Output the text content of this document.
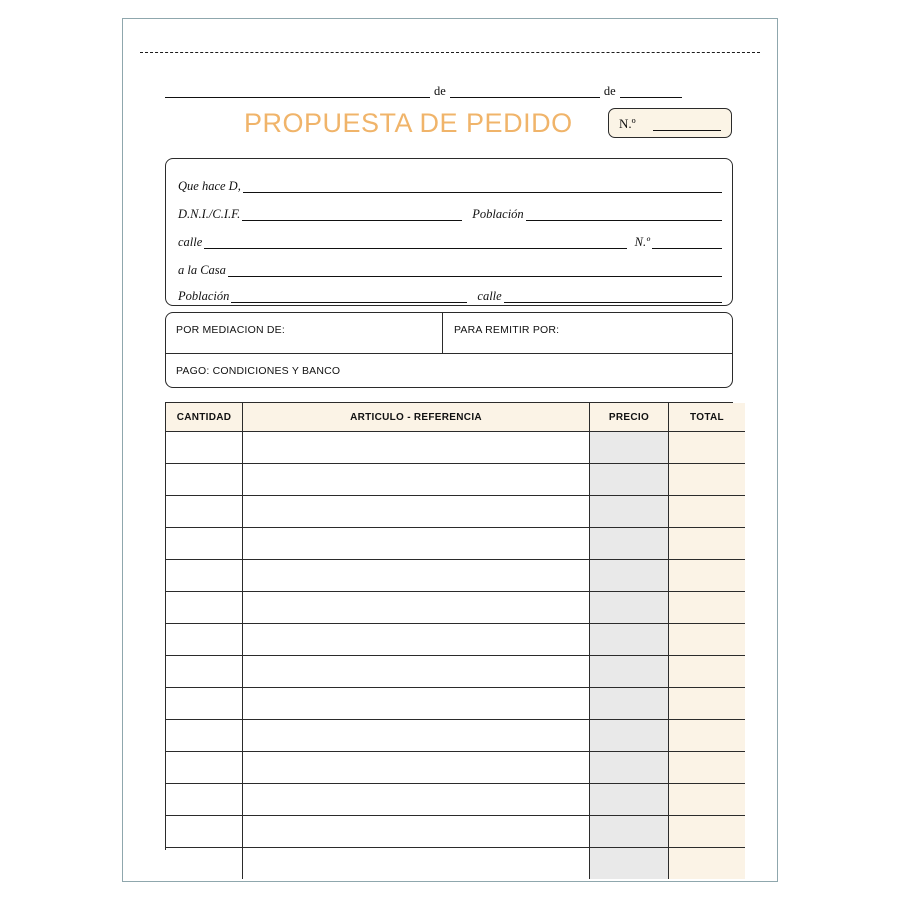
de	de
PROPUESTA DE PEDIDO	N.º
Que hace D,
D.N.I./C.I.F.	Población
calle	N.º
a la Casa
Población	calle
POR MEDIACION DE:	PARA REMITIR POR:
PAGO: CONDICIONES Y BANCO
CANTIDAD	ARTICULO - REFERENCIA	PRECIO	TOTAL
